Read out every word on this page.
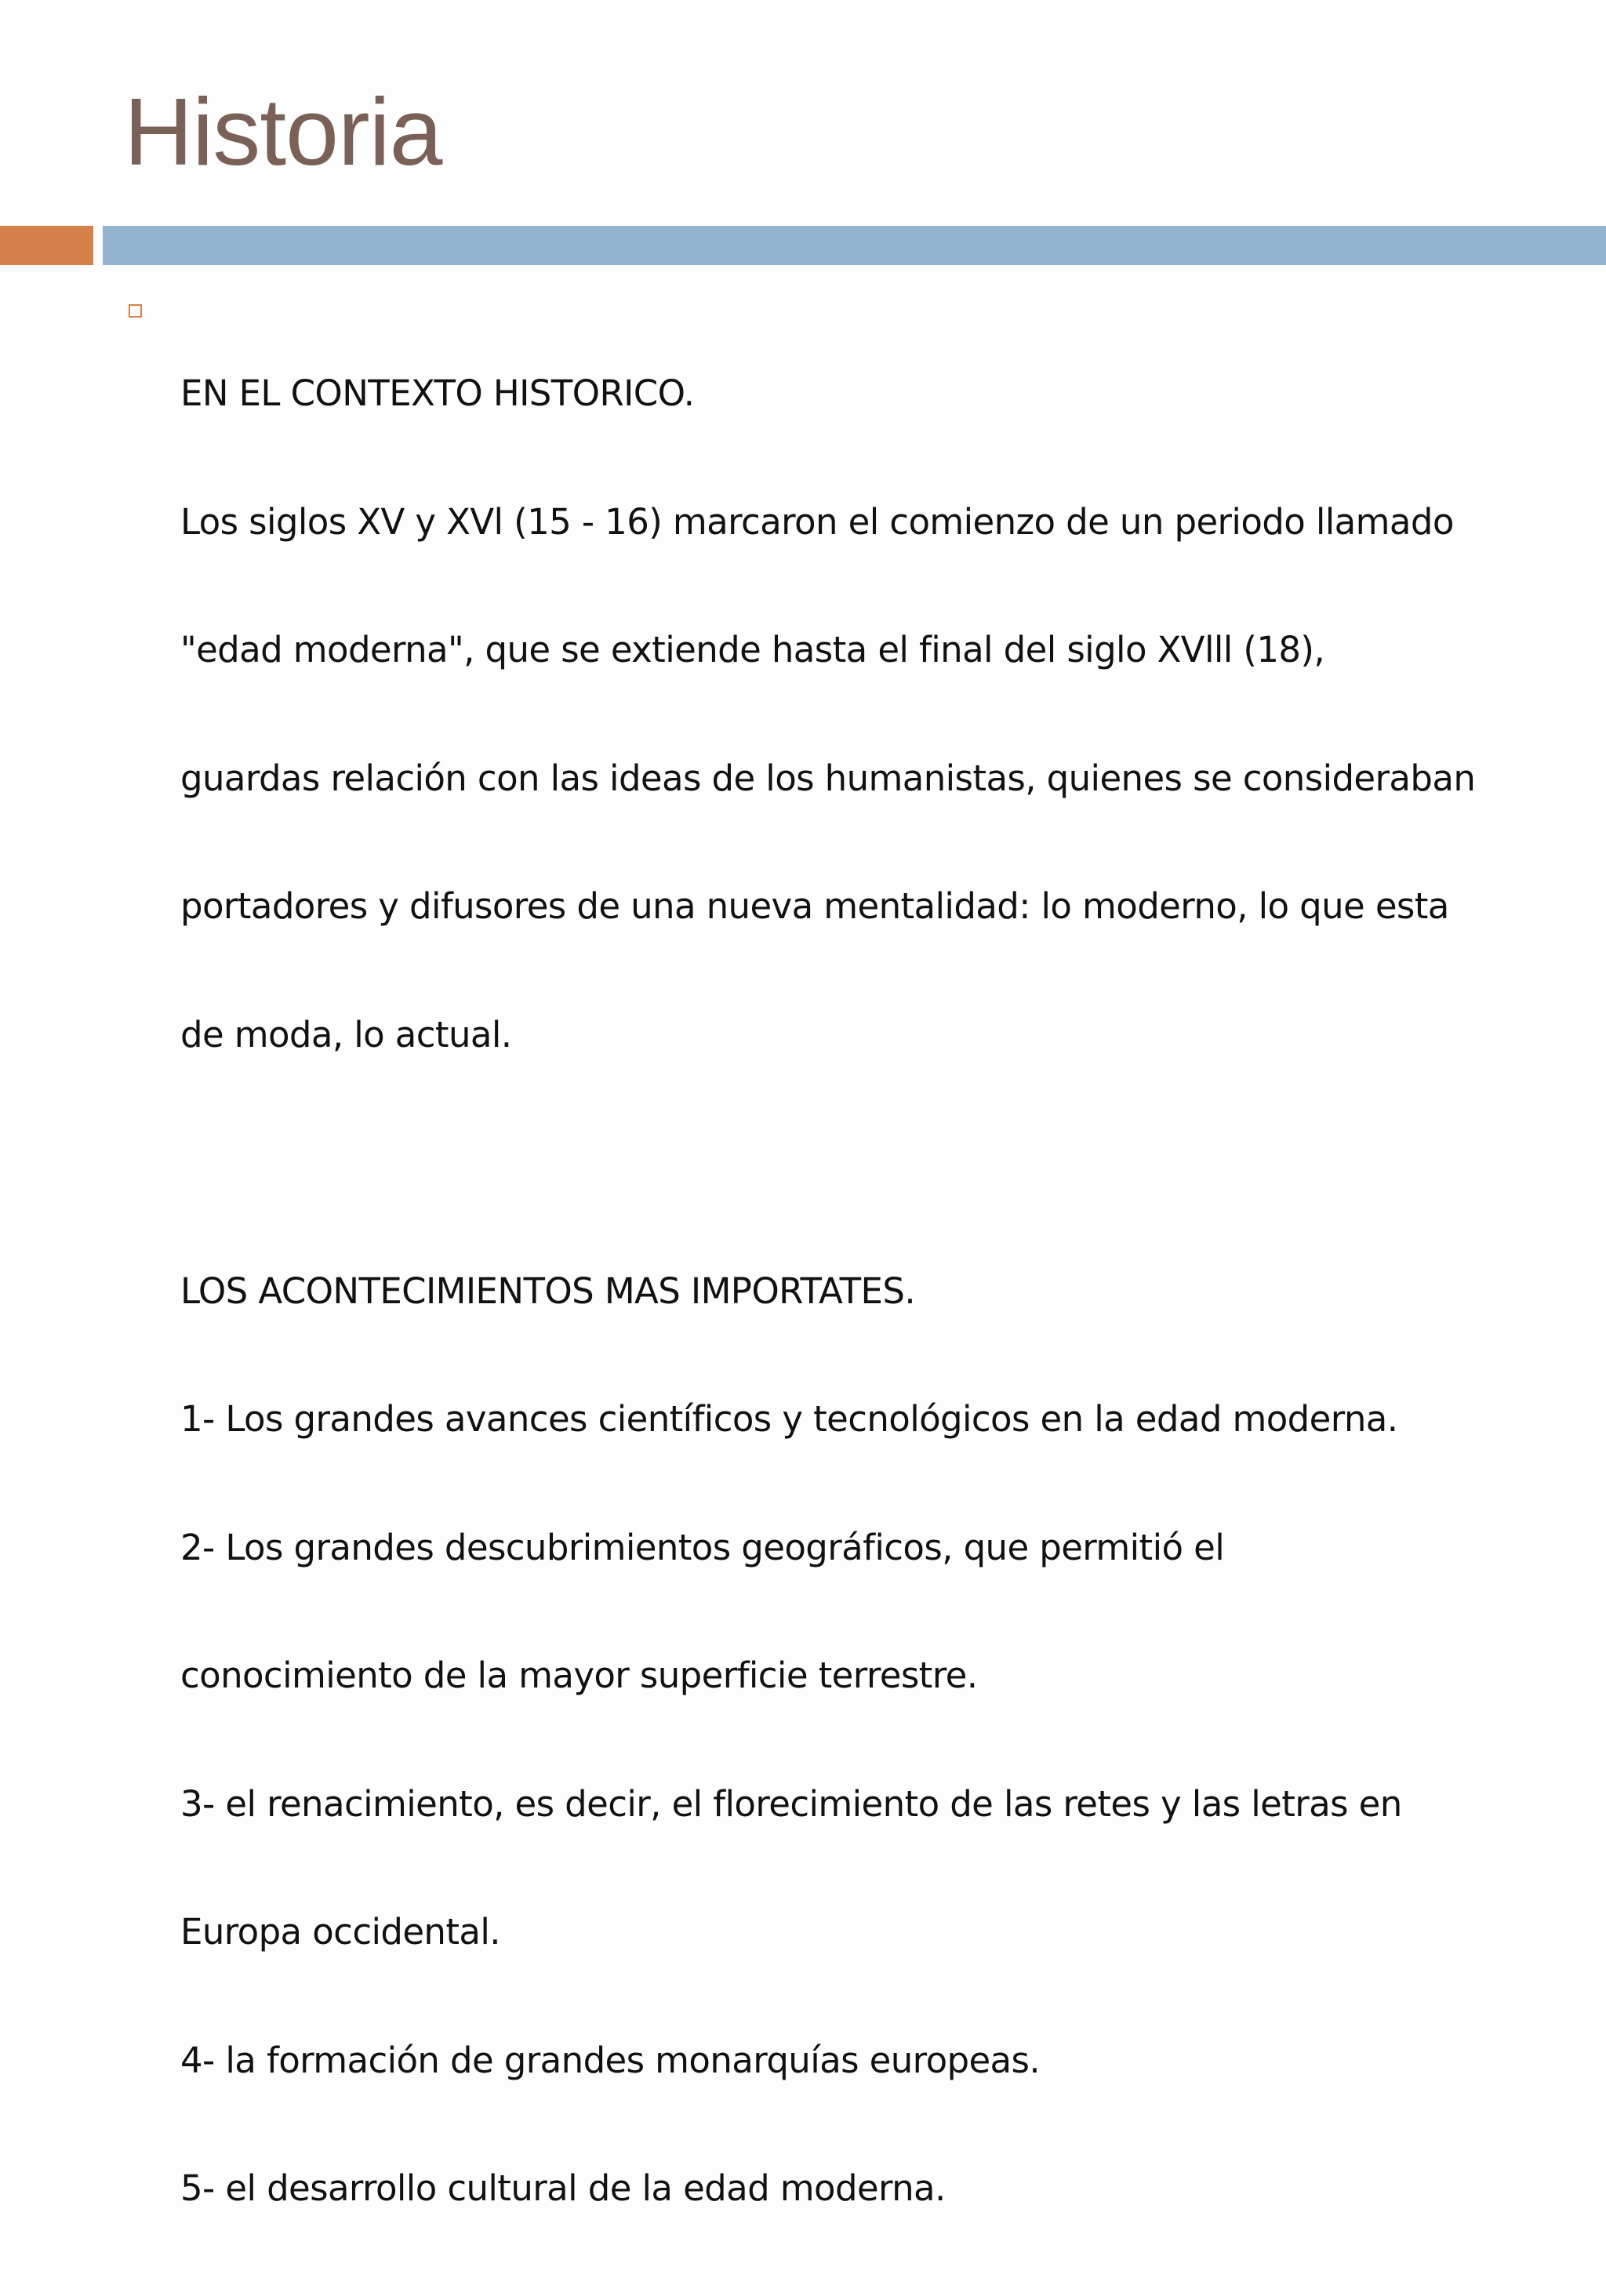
Historia

EN EL CONTEXTO HISTORICO.

Los siglos XV y XVl (15 - 16) marcaron el comienzo de un periodo llamado

"edad moderna", que se extiende hasta el final del siglo XVlll (18),

guardas relación con las ideas de los humanistas, quienes se consideraban

portadores y difusores de una nueva mentalidad: lo moderno, lo que esta

de moda, lo actual.

LOS ACONTECIMIENTOS MAS IMPORTATES.

1- Los grandes avances científicos y tecnológicos en la edad moderna.

2- Los grandes descubrimientos geográficos, que permitió el

conocimiento de la mayor superficie terrestre.

3- el renacimiento, es decir, el florecimiento de las retes y las letras en

Europa occidental.

4- la formación de grandes monarquías europeas.

5- el desarrollo cultural de la edad moderna.
